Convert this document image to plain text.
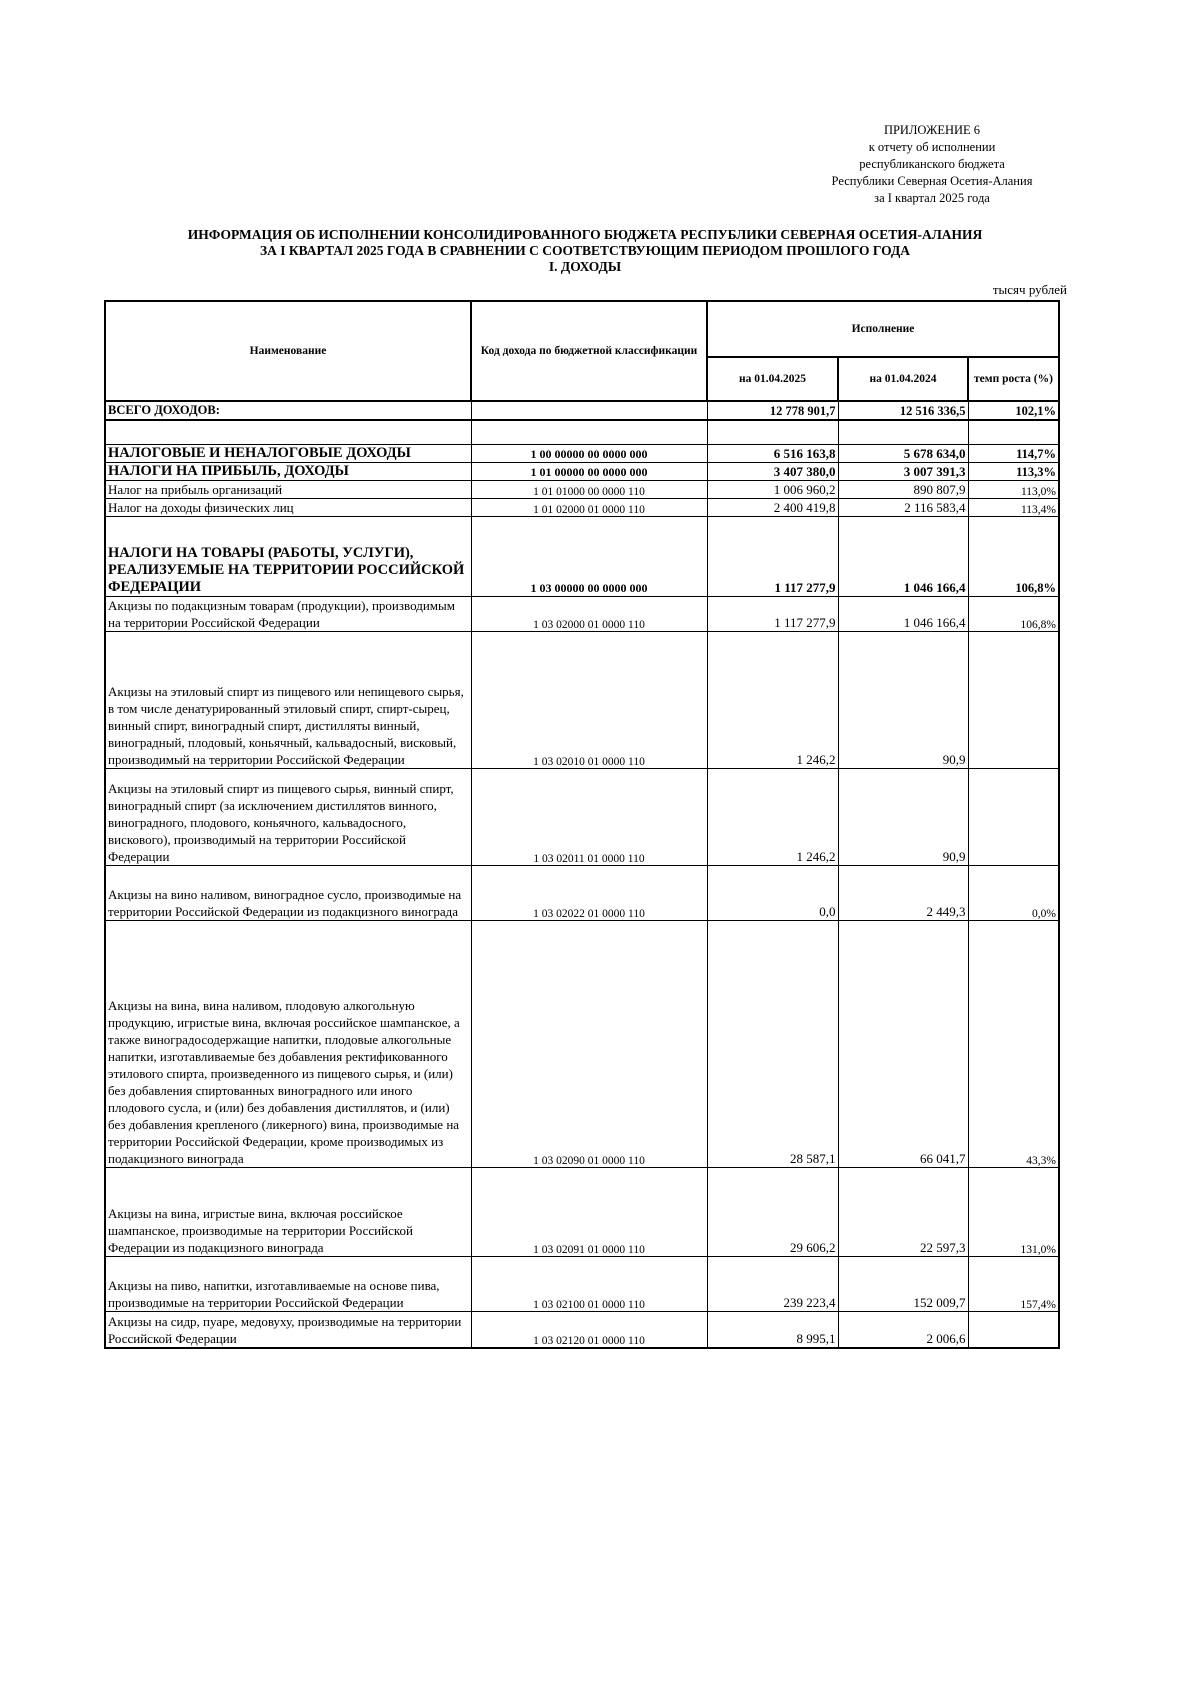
ПРИЛОЖЕНИЕ 6
к отчету об исполнении
республиканского бюджета
Республики Северная Осетия-Алания
за I квартал 2025 года
ИНФОРМАЦИЯ ОБ ИСПОЛНЕНИИ КОНСОЛИДИРОВАННОГО БЮДЖЕТА РЕСПУБЛИКИ СЕВЕРНАЯ ОСЕТИЯ-АЛАНИЯ
ЗА I КВАРТАЛ 2025 ГОДА В СРАВНЕНИИ С СООТВЕТСТВУЮЩИМ ПЕРИОДОМ ПРОШЛОГО ГОДА
I. ДОХОДЫ
тысяч рублей
Наименование	Код дохода по бюджетной классификации	Исполнение		
		на 01.04.2025	на 01.04.2024	темп роста (%)
ВСЕГО ДОХОДОВ:		12 778 901,7	12 516 336,5	102,1%

НАЛОГОВЫЕ И НЕНАЛОГОВЫЕ ДОХОДЫ	1 00 00000 00 0000 000	6 516 163,8	5 678 634,0	114,7%
НАЛОГИ НА ПРИБЫЛЬ, ДОХОДЫ	1 01 00000 00 0000 000	3 407 380,0	3 007 391,3	113,3%
Налог на прибыль организаций	1 01 01000 00 0000 110	1 006 960,2	890 807,9	113,0%
Налог на доходы физических лиц	1 01 02000 01 0000 110	2 400 419,8	2 116 583,4	113,4%
НАЛОГИ НА ТОВАРЫ (РАБОТЫ, УСЛУГИ), РЕАЛИЗУЕМЫЕ НА ТЕРРИТОРИИ РОССИЙСКОЙ ФЕДЕРАЦИИ	1 03 00000 00 0000 000	1 117 277,9	1 046 166,4	106,8%
Акцизы по подакцизным товарам (продукции), производимым на территории Российской Федерации	1 03 02000 01 0000 110	1 117 277,9	1 046 166,4	106,8%
Акцизы на этиловый спирт из пищевого или непищевого сырья, в том числе денатурированный этиловый спирт, спирт-сырец, винный спирт, виноградный спирт, дистилляты винный, виноградный, плодовый, коньячный, кальвадосный, висковый, производимый на территории Российской Федерации	1 03 02010 01 0000 110	1 246,2	90,9	
Акцизы на этиловый спирт из пищевого сырья, винный спирт, виноградный спирт (за исключением дистиллятов винного, виноградного, плодового, коньячного, кальвадосного, вискового), производимый на территории Российской Федерации	1 03 02011 01 0000 110	1 246,2	90,9	
Акцизы на вино наливом, виноградное сусло, производимые на территории Российской Федерации из подакцизного винограда	1 03 02022 01 0000 110	0,0	2 449,3	0,0%
Акцизы на вина, вина наливом, плодовую алкогольную продукцию, игристые вина, включая российское шампанское, а также виноградосодержащие напитки, плодовые алкогольные напитки, изготавливаемые без добавления ректификованного этилового спирта, произведенного из пищевого сырья, и (или) без добавления спиртованных виноградного или иного плодового сусла, и (или) без добавления дистиллятов, и (или) без добавления крепленого (ликерного) вина, производимые на территории Российской Федерации, кроме производимых из подакцизного винограда	1 03 02090 01 0000 110	28 587,1	66 041,7	43,3%
Акцизы на вина, игристые вина, включая российское шампанское, производимые на территории Российской Федерации из подакцизного винограда	1 03 02091 01 0000 110	29 606,2	22 597,3	131,0%
Акцизы на пиво, напитки, изготавливаемые на основе пива, производимые на территории Российской Федерации	1 03 02100 01 0000 110	239 223,4	152 009,7	157,4%
Акцизы на сидр, пуаре, медовуху, производимые на территории Российской Федерации	1 03 02120 01 0000 110	8 995,1	2 006,6	
